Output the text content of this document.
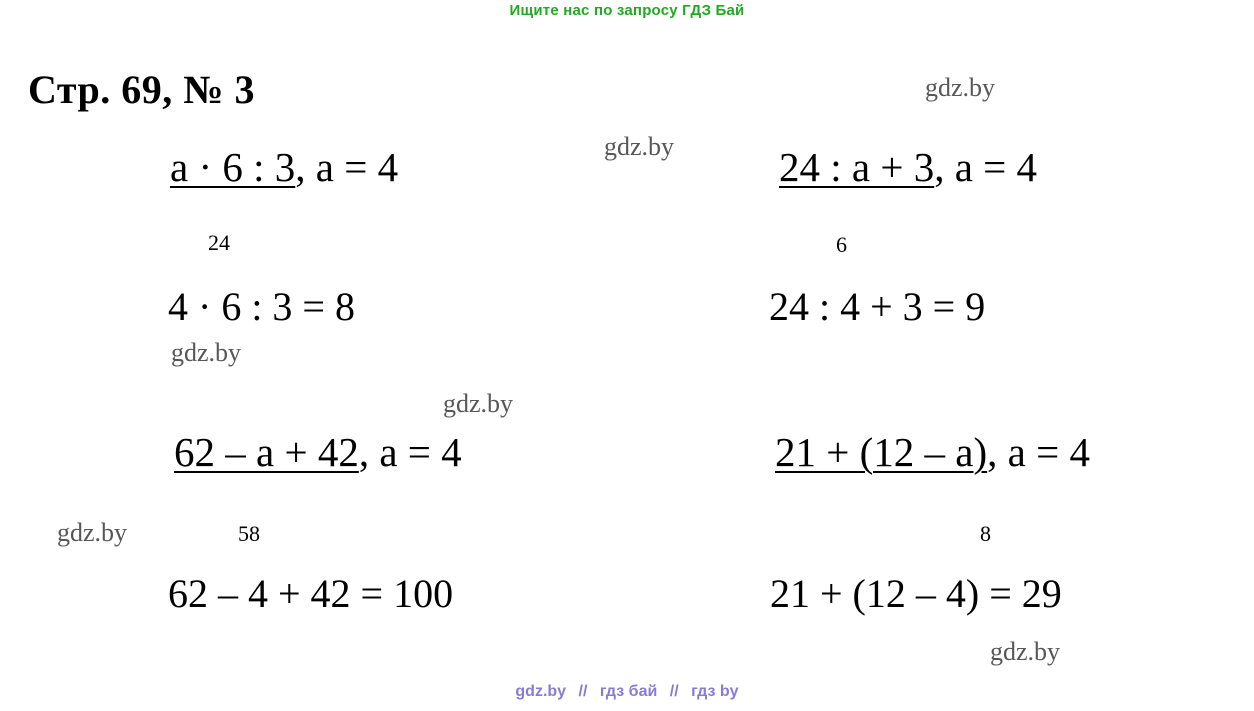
Ищите нас по запросу ГДЗ Бай
Стр. 69, № 3
a · 6 : 3, a = 4
24
4 · 6 : 3 = 8
24 : a + 3, a = 4
6
24 : 4 + 3 = 9
62 – a + 42, a = 4
58
62 – 4 + 42 = 100
21 + (12 – a), a = 4
8
21 + (12 – 4) = 29
gdz.by
gdz.by
gdz.by
gdz.by
gdz.by
gdz.by
gdz.by // гдз бай // гдз by
